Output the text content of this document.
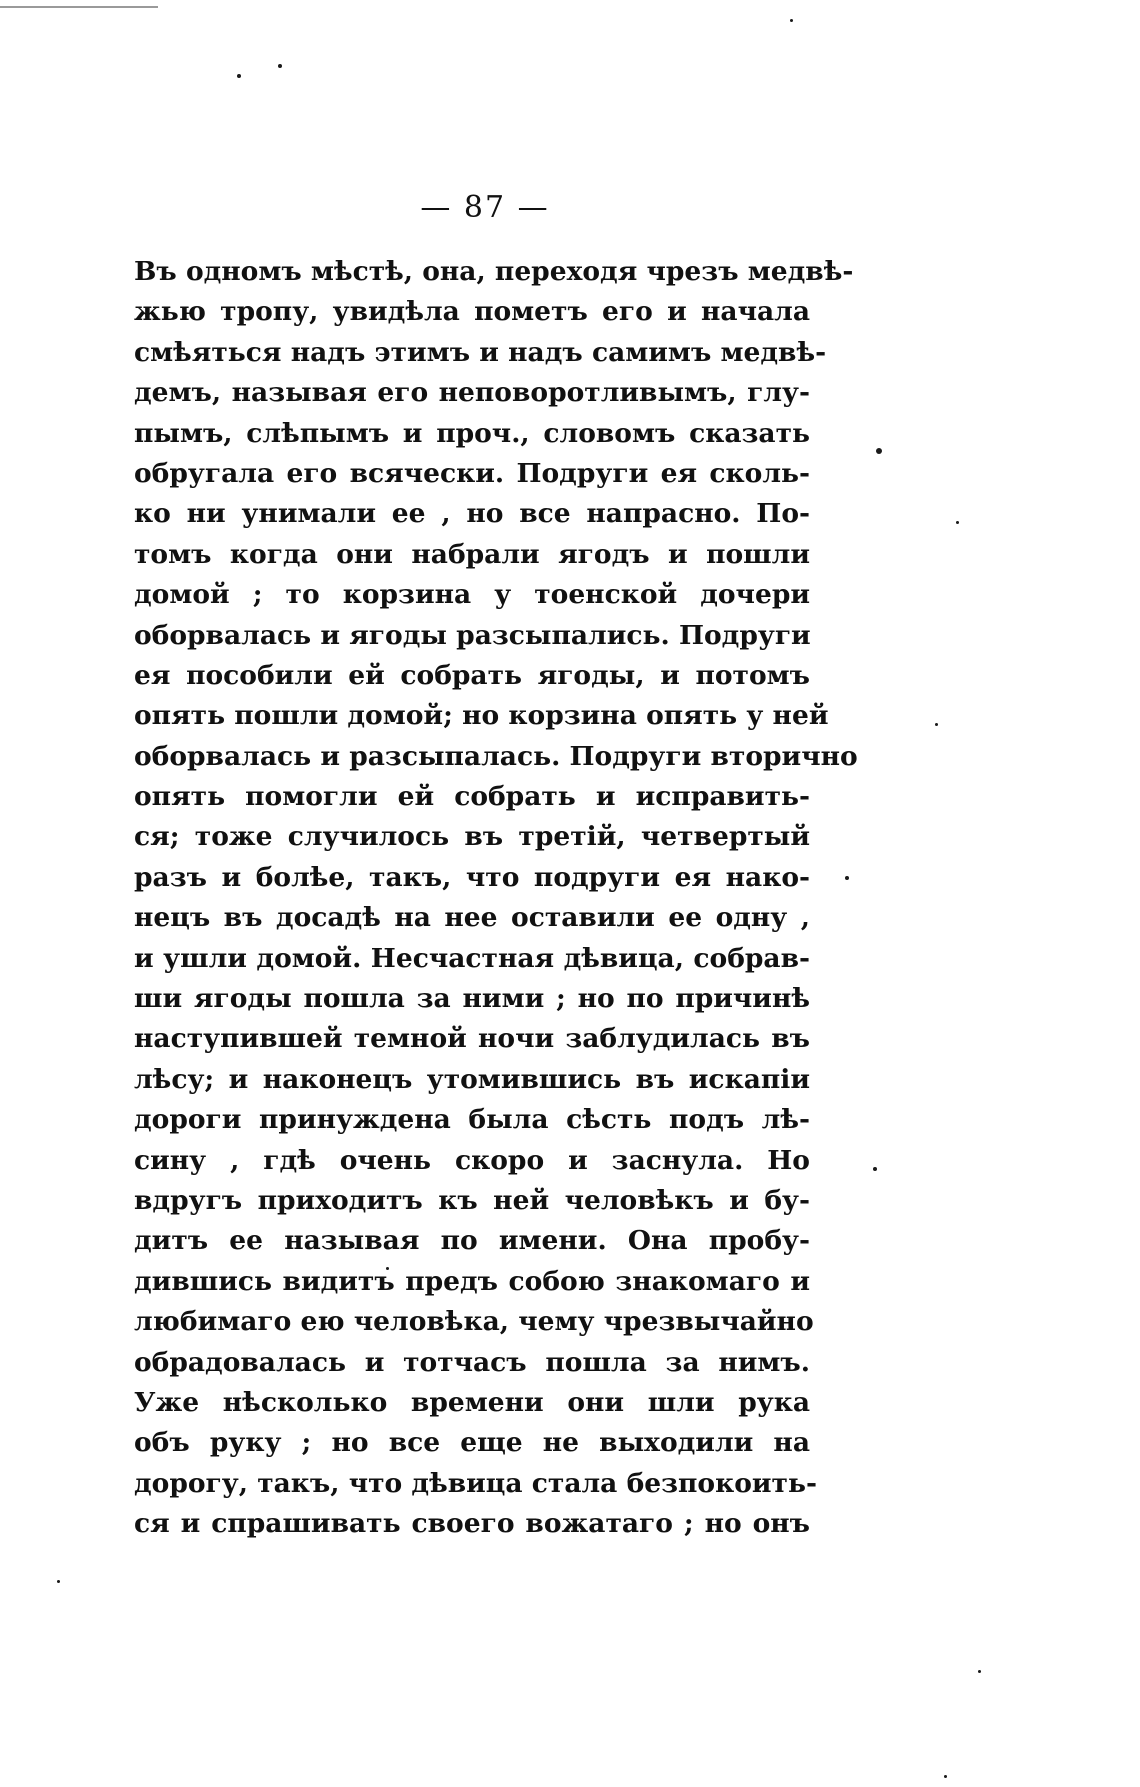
— 87 —
Въ одномъ мѣстѣ, она, переходя чрезъ медвѣ-
жью тропу, увидѣла пометъ его и начала
смѣяться надъ этимъ и надъ самимъ медвѣ-
демъ, называя его неповоротливымъ, глу-
пымъ, слѣпымъ и проч., словомъ сказать
обругала его всячески. Подруги ея сколь-
ко ни унимали ее , но все напрасно. По-
томъ когда они набрали ягодъ и пошли
домой ; то корзина у тоенской дочери
оборвалась и ягоды разсыпались. Подруги
ея пособили ей собрать ягоды, и потомъ
опять пошли домой; но корзина опять у ней
оборвалась и разсыпалась. Подруги вторично
опять помогли ей собрать и исправить-
ся; тоже случилось въ третій, четвертый
разъ и болѣе, такъ, что подруги ея нако-
нецъ въ досадѣ на нее оставили ее одну ,
и ушли домой. Несчастная дѣвица, собрав-
ши ягоды пошла за ними ; но по причинѣ
наступившей темной ночи заблудилась въ
лѣсу; и наконецъ утомившись въ искапіи
дороги принуждена была сѣсть подъ лѣ-
сину , гдѣ очень скоро и заснула. Но
вдругъ приходитъ къ ней человѣкъ и бу-
дитъ ее называя по имени. Она пробу-
дившись видитъ предъ собою знакомаго и
любимаго ею человѣка, чему чрезвычайно
обрадовалась и тотчасъ пошла за нимъ.
Уже нѣсколько времени они шли рука
объ руку ; но все еще не выходили на
дорогу, такъ, что дѣвица стала безпокоить-
ся и спрашивать своего вожатаго ; но онъ
